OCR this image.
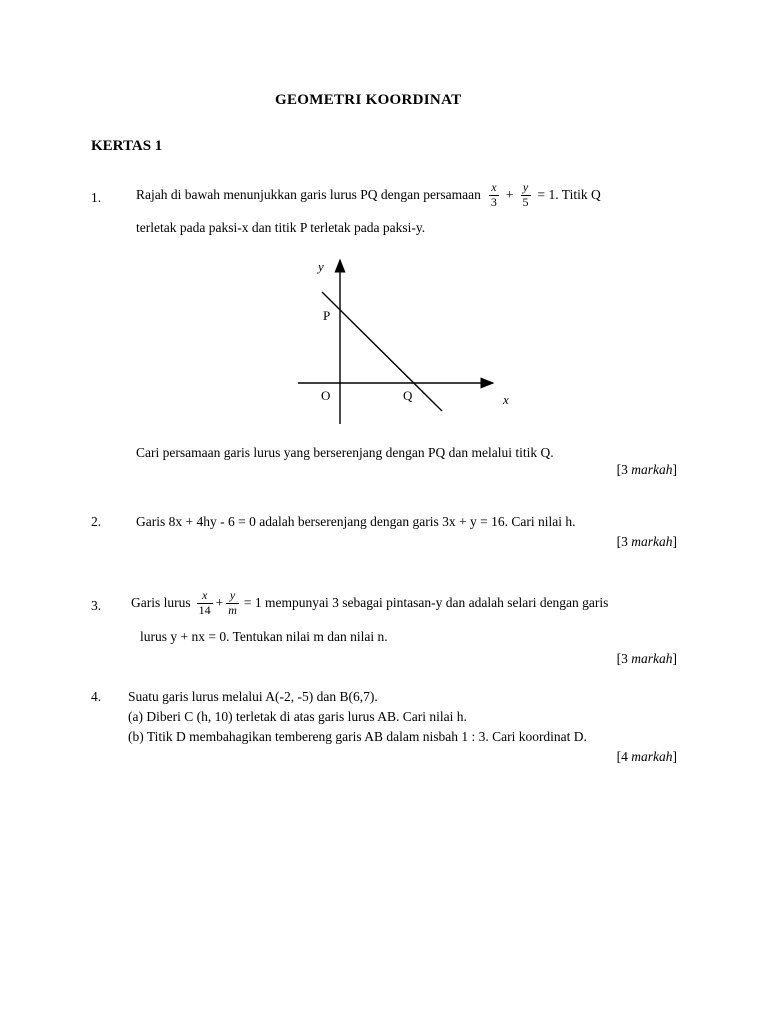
GEOMETRI KOORDINAT
KERTAS 1
1.	Rajah di bawah menunjukkan garis lurus PQ dengan persamaan $\frac{x}{3} + \frac{y}{5} = 1$. Titik Q
terletak pada paksi-x dan titik P terletak pada paksi-y.
y
x
P
O	Q
Cari persamaan garis lurus yang berserenjang dengan PQ dan melalui titik Q.
[3 markah]
2.	Garis 8x + 4hy - 6 = 0 adalah berserenjang dengan garis 3x + y = 16. Cari nilai h.
[3 markah]
3. Garis lurus $\frac{x}{14} + \frac{y}{m} = 1$ mempunyai 3 sebagai pintasan-y dan adalah selari dengan garis
lurus y + nx = 0. Tentukan nilai m dan nilai n.
[3 markah]
4. Suatu garis lurus melalui A(-2, -5) dan B(6,7).
(a) Diberi C (h, 10) terletak di atas garis lurus AB. Cari nilai h.
(b) Titik D membahagikan tembereng garis AB dalam nisbah 1 : 3. Cari koordinat D.
[4 markah]
